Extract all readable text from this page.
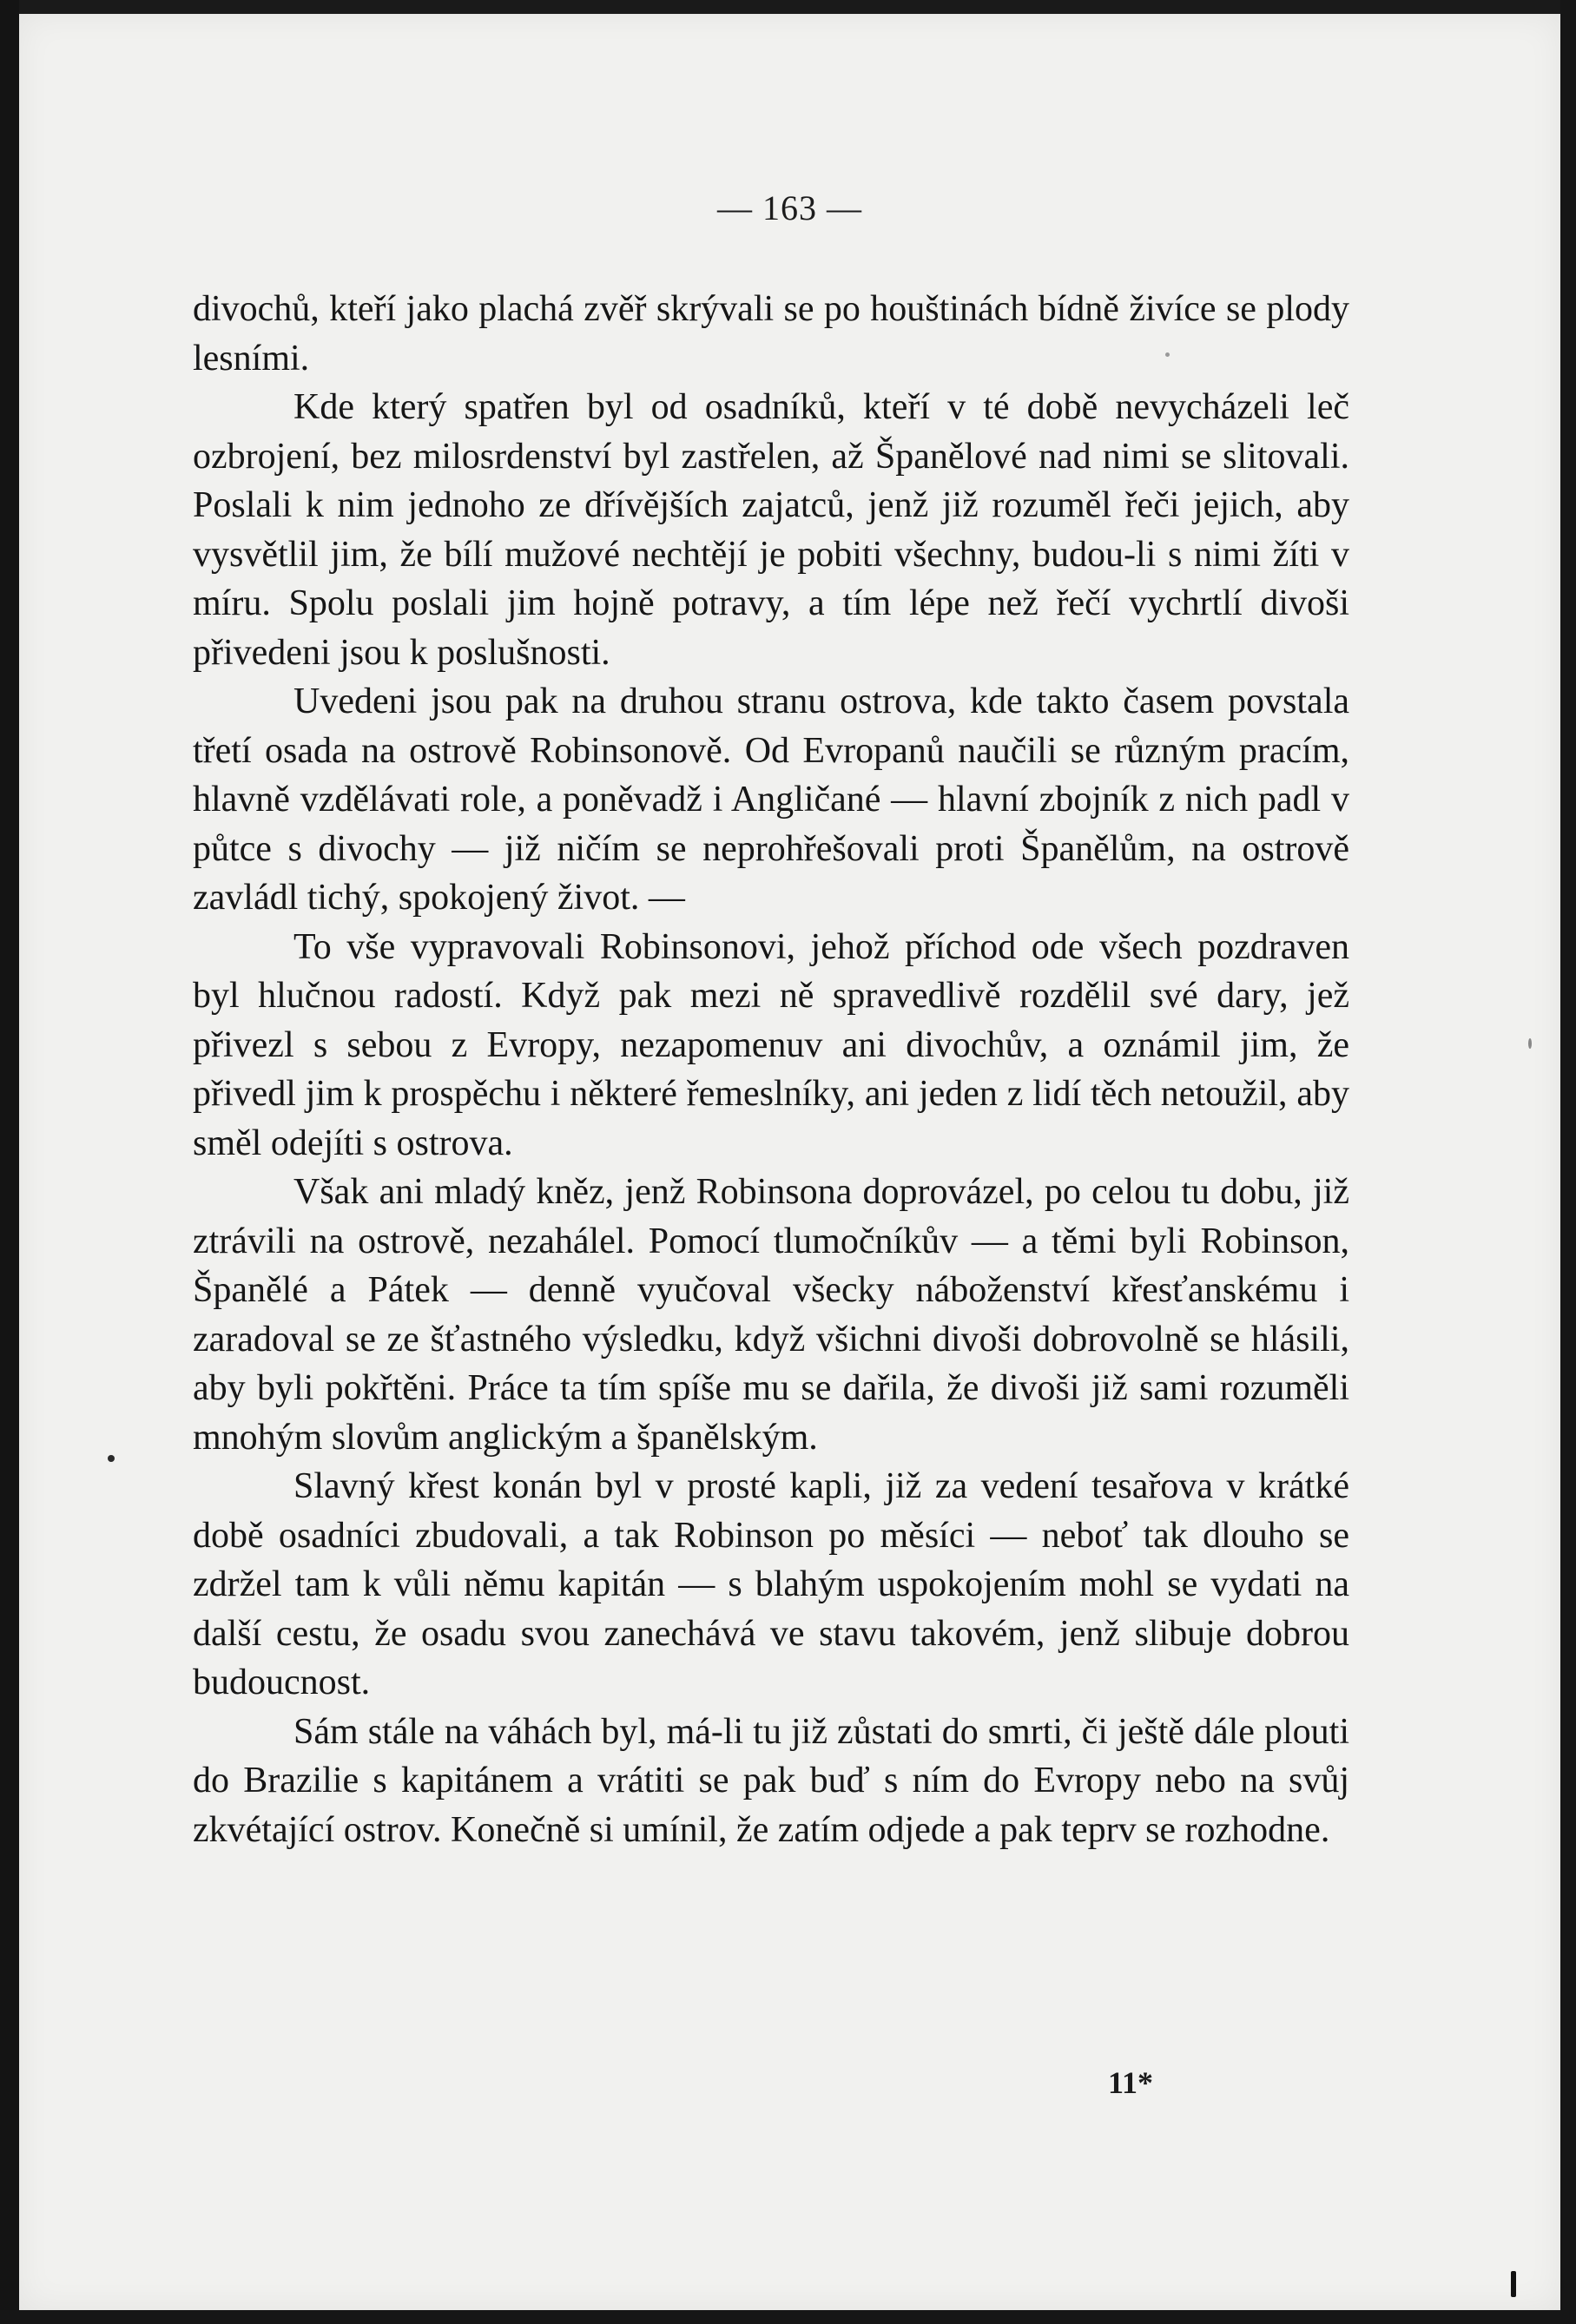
— 163 —

divochů, kteří jako plachá zvěř skrývali se po houštinách bídně živíce se plody lesními.

Kde který spatřen byl od osadníků, kteří v té době nevycházeli leč ozbrojení, bez milosrdenství byl zastřelen, až Španělové nad nimi se slitovali. Poslali k nim jednoho ze dřívějších zajatců, jenž již rozuměl řeči jejich, aby vysvětlil jim, že bílí mužové nechtějí je pobiti všechny, budou-li s nimi žíti v míru. Spolu poslali jim hojně potravy, a tím lépe než řečí vychrtlí divoši přivedeni jsou k poslušnosti.

Uvedeni jsou pak na druhou stranu ostrova, kde takto časem povstala třetí osada na ostrově Robinsonově. Od Evropanů naučili se různým pracím, hlavně vzdělávati role, a poněvadž i Angličané — hlavní zbojník z nich padl v půtce s divochy — již ničím se neprohřešovali proti Španělům, na ostrově zavládl tichý, spokojený život. —

To vše vypravovali Robinsonovi, jehož příchod ode všech pozdraven byl hlučnou radostí. Když pak mezi ně spravedlivě rozdělil své dary, jež přivezl s sebou z Evropy, nezapomenuv ani divochův, a oznámil jim, že přivedl jim k prospěchu i některé řemeslníky, ani jeden z lidí těch netoužil, aby směl odejíti s ostrova.

Však ani mladý kněz, jenž Robinsona doprovázel, po celou tu dobu, již ztrávili na ostrově, nezahálel. Pomocí tlumočníkův — a těmi byli Robinson, Španělé a Pátek — denně vyučoval všecky náboženství křesťanskému i zaradoval se ze šťastného výsledku, když všichni divoši dobrovolně se hlásili, aby byli pokřtěni. Práce ta tím spíše mu se dařila, že divoši již sami rozuměli mnohým slovům anglickým a španělským.

Slavný křest konán byl v prosté kapli, již za vedení tesařova v krátké době osadníci zbudovali, a tak Robinson po měsíci — neboť tak dlouho se zdržel tam k vůli němu kapitán — s blahým uspokojením mohl se vydati na další cestu, že osadu svou zanechává ve stavu takovém, jenž slibuje dobrou budoucnost.

Sám stále na váhách byl, má-li tu již zůstati do smrti, či ještě dále plouti do Brazilie s kapitánem a vrátiti se pak buď s ním do Evropy nebo na svůj zkvétající ostrov. Konečně si umínil, že zatím odjede a pak teprv se rozhodne.

11*
